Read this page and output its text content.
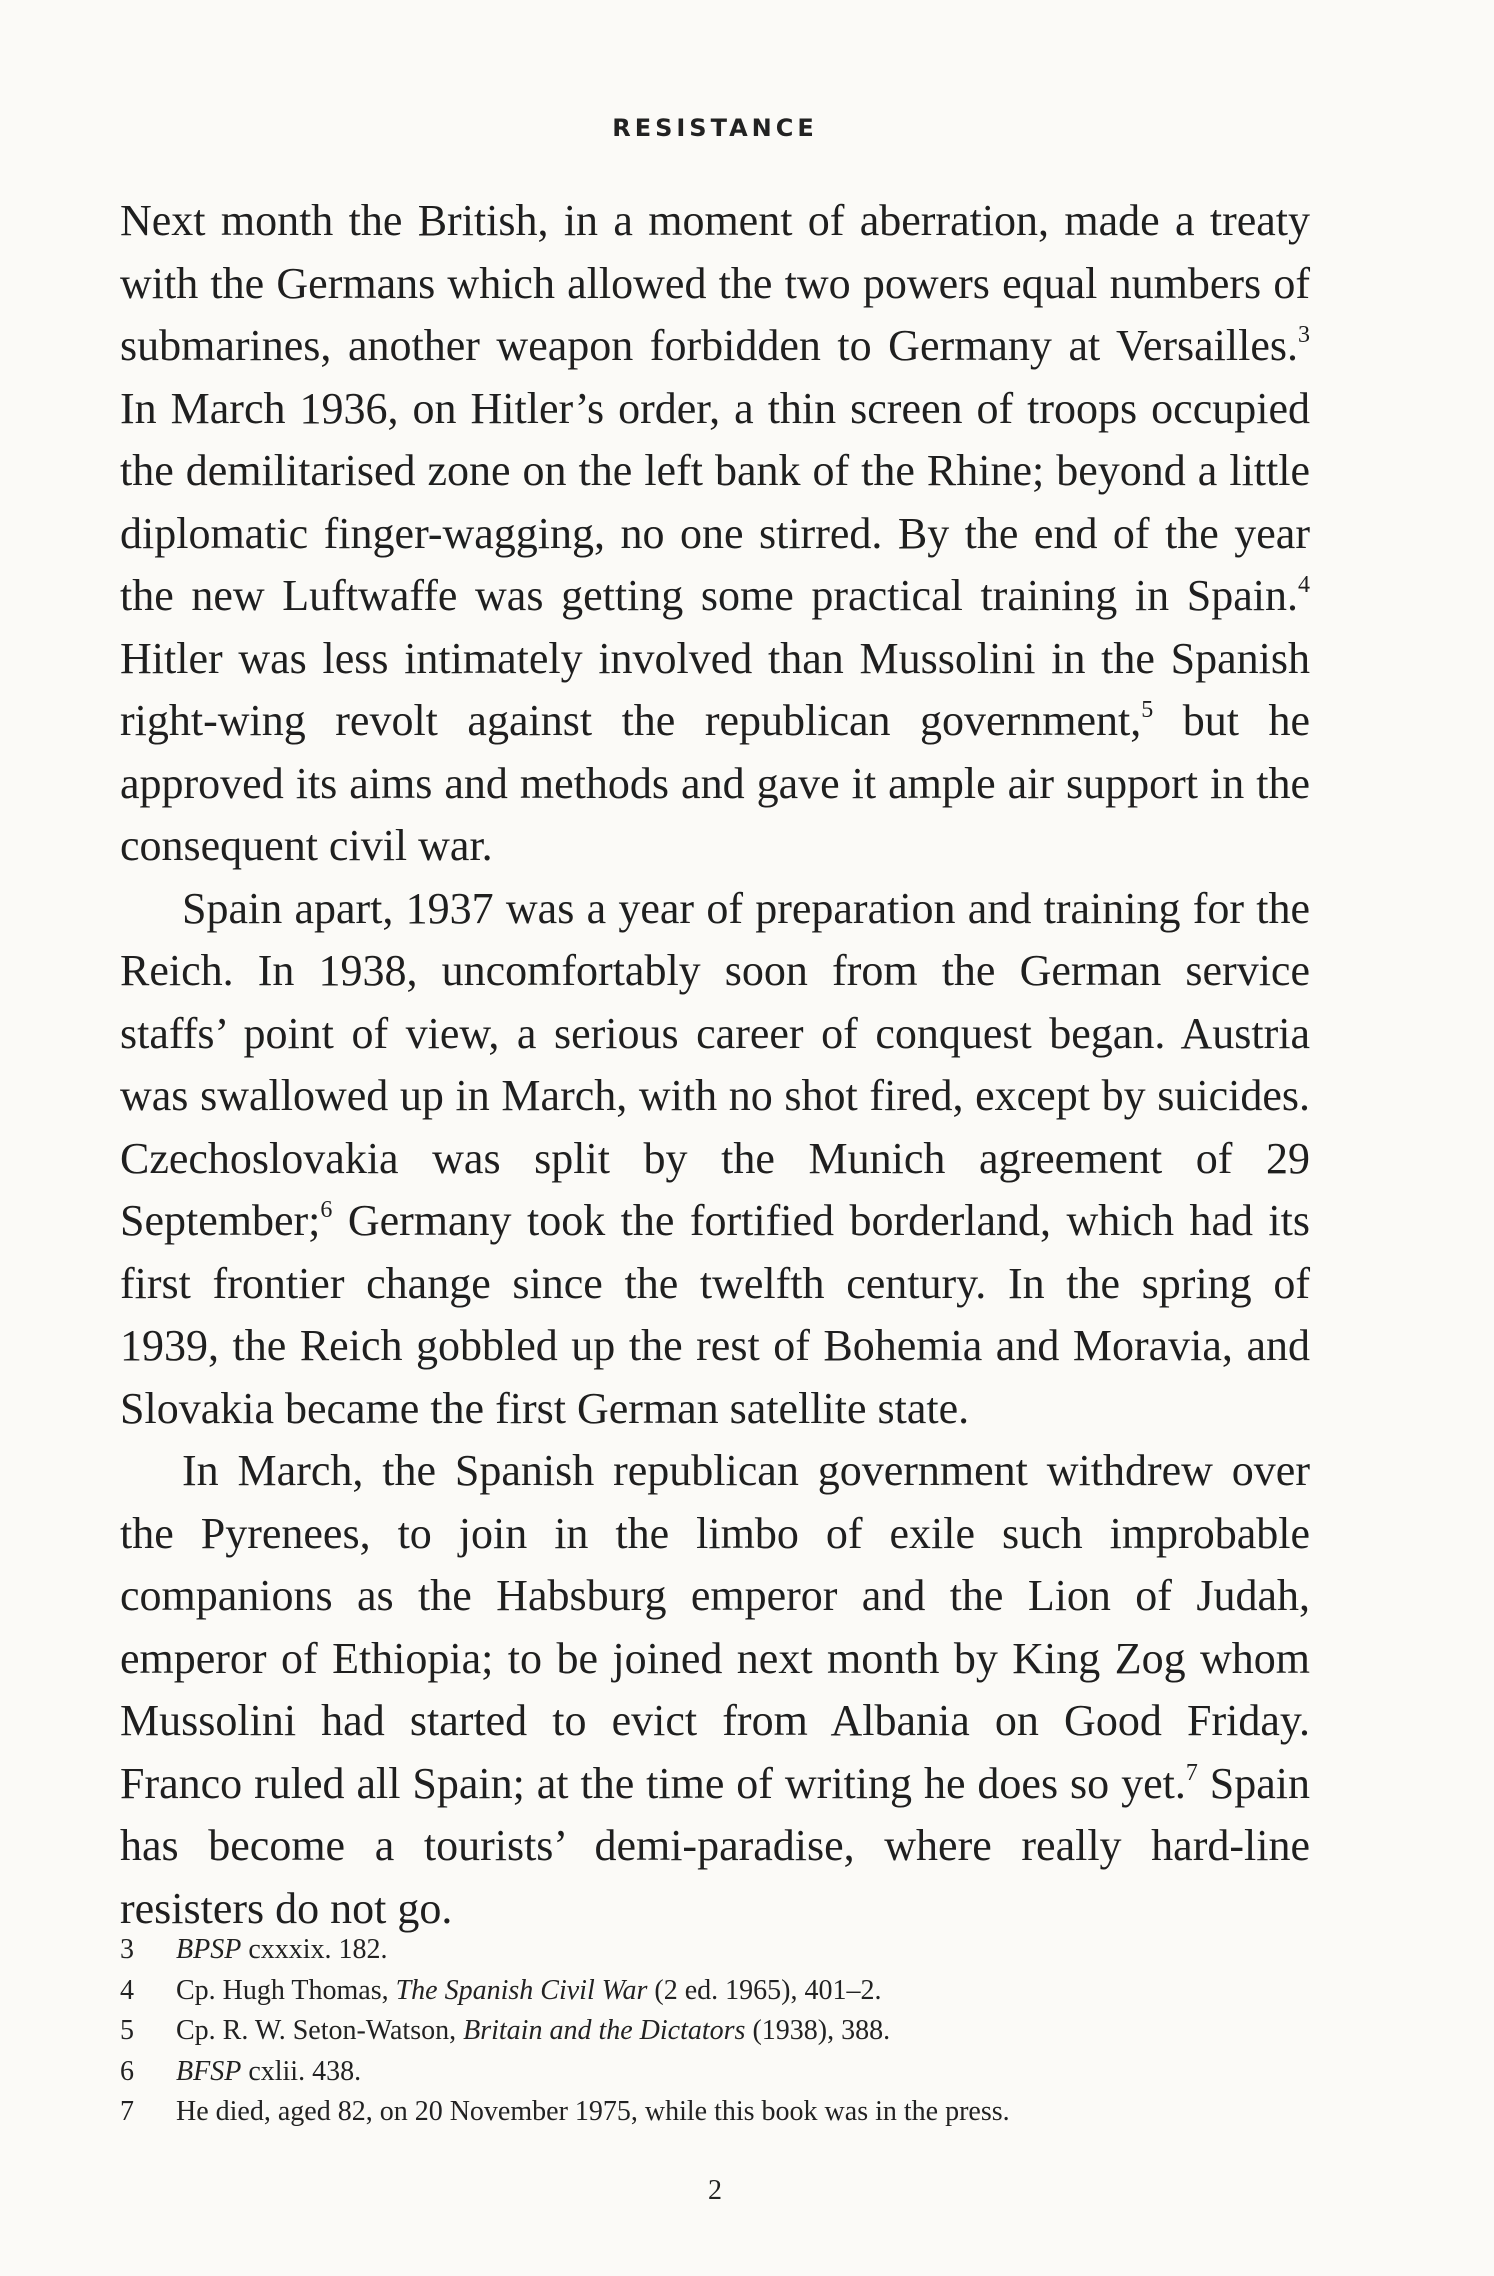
RESISTANCE

Next month the British, in a moment of aberration, made a treaty with the Germans which allowed the two powers equal numbers of submarines, another weapon forbidden to Germany at Versailles.$^3$ In March 1936, on Hitler’s order, a thin screen of troops occupied the demilitarised zone on the left bank of the Rhine; beyond a little diplomatic finger-wagging, no one stirred. By the end of the year the new Luftwaffe was getting some practical training in Spain.$^4$ Hitler was less intimately involved than Mussolini in the Spanish right-wing revolt against the republican government,$^5$ but he approved its aims and methods and gave it ample air support in the consequent civil war.

Spain apart, 1937 was a year of preparation and training for the Reich. In 1938, uncomfortably soon from the German service staffs’ point of view, a serious career of conquest began. Austria was swallowed up in March, with no shot fired, except by suicides. Czechoslovakia was split by the Munich agreement of 29 September;$^6$ Germany took the fortified borderland, which had its first frontier change since the twelfth century. In the spring of 1939, the Reich gobbled up the rest of Bohemia and Moravia, and Slovakia became the first German satellite state.

In March, the Spanish republican government withdrew over the Pyrenees, to join in the limbo of exile such improbable companions as the Habsburg emperor and the Lion of Judah, emperor of Ethiopia; to be joined next month by King Zog whom Mussolini had started to evict from Albania on Good Friday. Franco ruled all Spain; at the time of writing he does so yet.$^7$ Spain has become a tourists’ demi-paradise, where really hard-line resisters do not go.

3	BPSP cxxxix. 182.
4	Cp. Hugh Thomas, The Spanish Civil War (2 ed. 1965), 401–2.
5	Cp. R. W. Seton-Watson, Britain and the Dictators (1938), 388.
6	BFSP cxlii. 438.
7	He died, aged 82, on 20 November 1975, while this book was in the press.
2
